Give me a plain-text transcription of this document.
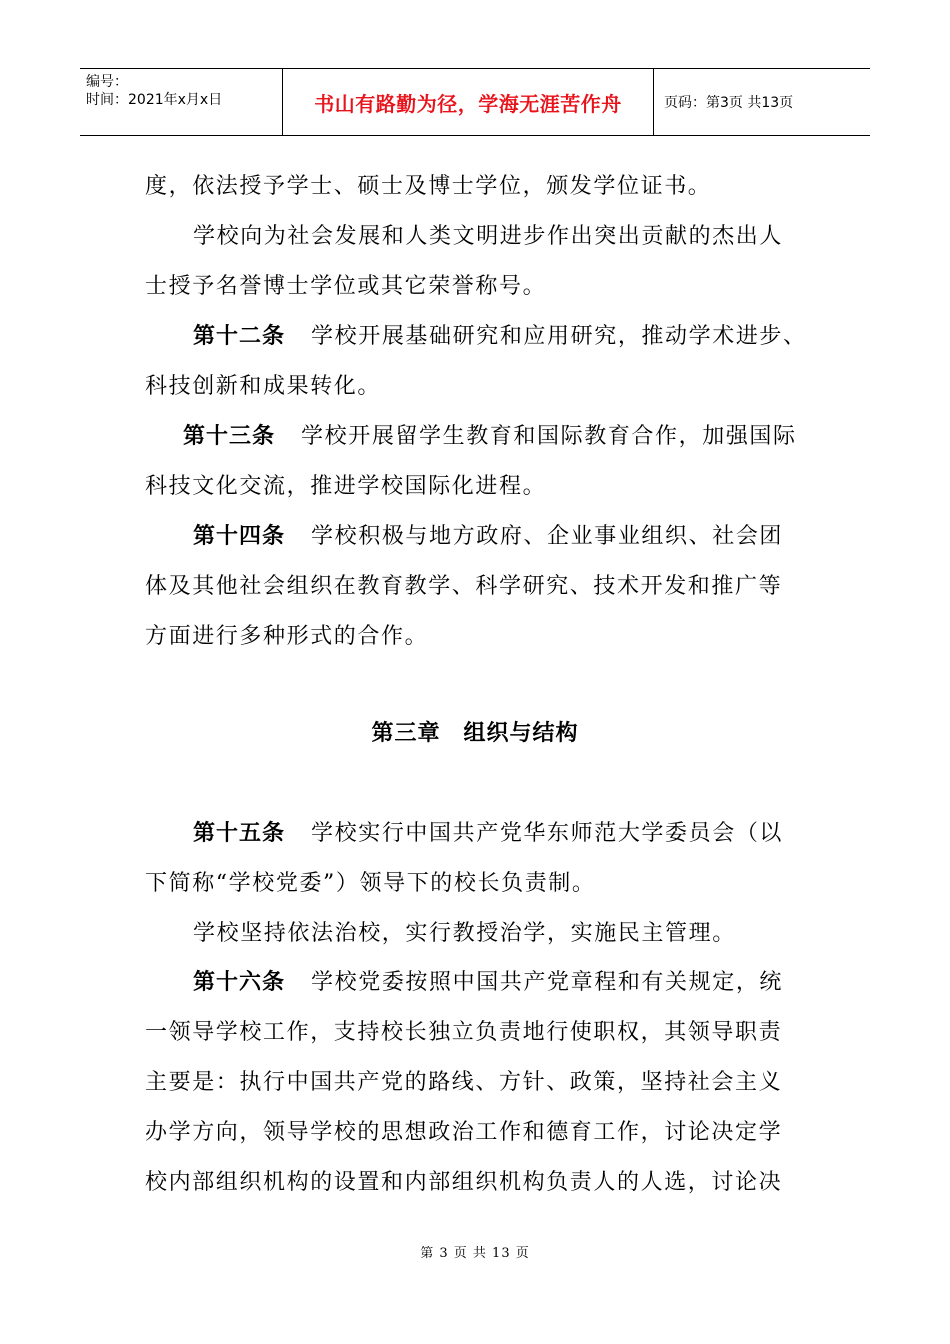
编号：
时间：2021年x月x日	书山有路勤为径，学海无涯苦作舟	页码：第3页 共13页
度，依法授予学士、硕士及博士学位，颁发学位证书。
学校向为社会发展和人类文明进步作出突出贡献的杰出人
士授予名誉博士学位或其它荣誉称号。
第十二条 学校开展基础研究和应用研究，推动学术进步、
科技创新和成果转化。
第十三条 学校开展留学生教育和国际教育合作，加强国际
科技文化交流，推进学校国际化进程。
第十四条 学校积极与地方政府、企业事业组织、社会团
体及其他社会组织在教育教学、科学研究、技术开发和推广等
方面进行多种形式的合作。
第三章　组织与结构
第十五条 学校实行中国共产党华东师范大学委员会（以
下简称“学校党委”）领导下的校长负责制。
学校坚持依法治校，实行教授治学，实施民主管理。
第十六条 学校党委按照中国共产党章程和有关规定，统
一领导学校工作，支持校长独立负责地行使职权，其领导职责
主要是：执行中国共产党的路线、方针、政策，坚持社会主义
办学方向，领导学校的思想政治工作和德育工作，讨论决定学
校内部组织机构的设置和内部组织机构负责人的人选，讨论决
第 3 页 共 13 页
